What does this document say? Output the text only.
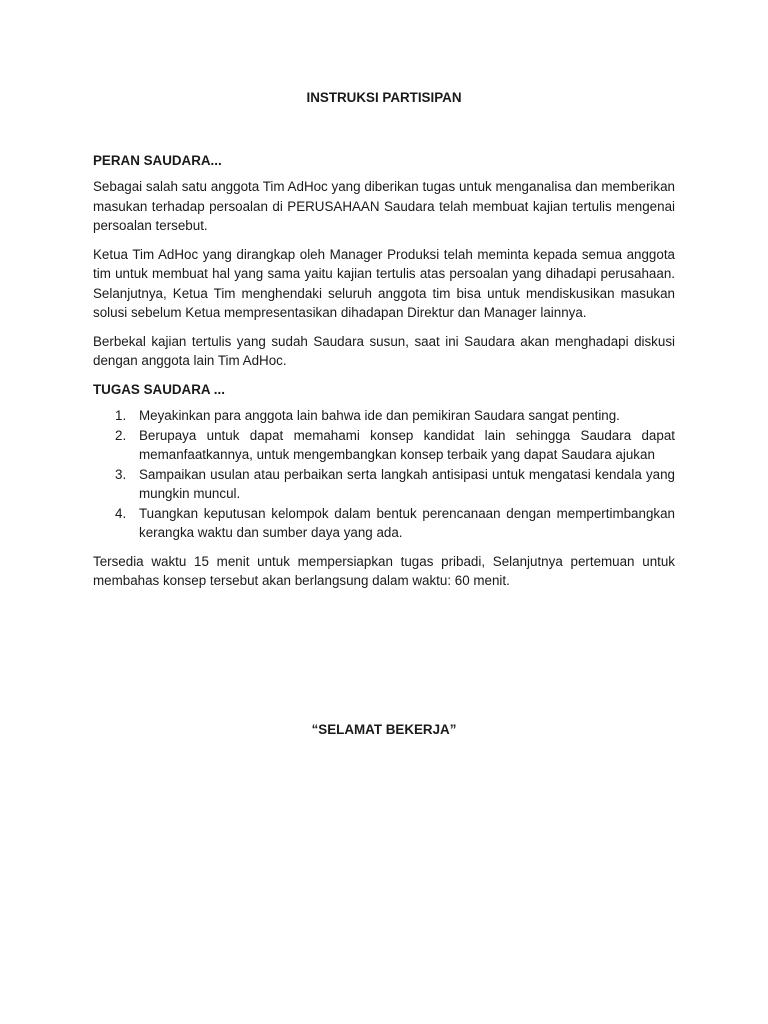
INSTRUKSI PARTISIPAN
PERAN SAUDARA...

Sebagai salah satu anggota Tim AdHoc yang diberikan tugas untuk menganalisa dan memberikan masukan terhadap persoalan di PERUSAHAAN Saudara telah membuat kajian tertulis mengenai persoalan tersebut.

Ketua Tim AdHoc yang dirangkap oleh Manager Produksi telah meminta kepada semua anggota tim untuk membuat hal yang sama yaitu kajian tertulis atas persoalan yang dihadapi perusahaan. Selanjutnya, Ketua Tim menghendaki seluruh anggota tim bisa untuk mendiskusikan masukan solusi sebelum Ketua mempresentasikan dihadapan Direktur dan Manager lainnya.

Berbekal kajian tertulis yang sudah Saudara susun, saat ini Saudara akan menghadapi diskusi dengan anggota lain Tim AdHoc.

TUGAS SAUDARA ...
1. Meyakinkan para anggota lain bahwa ide dan pemikiran Saudara sangat penting.
2. Berupaya untuk dapat memahami konsep kandidat lain sehingga Saudara dapat memanfaatkannya, untuk mengembangkan konsep terbaik yang dapat Saudara ajukan
3. Sampaikan usulan atau perbaikan serta langkah antisipasi untuk mengatasi kendala yang mungkin muncul.
4. Tuangkan keputusan kelompok dalam bentuk perencanaan dengan mempertimbangkan kerangka waktu dan sumber daya yang ada.

Tersedia waktu 15 menit untuk mempersiapkan tugas pribadi, Selanjutnya pertemuan untuk membahas konsep tersebut akan berlangsung dalam waktu: 60 menit.

“SELAMAT BEKERJA”
